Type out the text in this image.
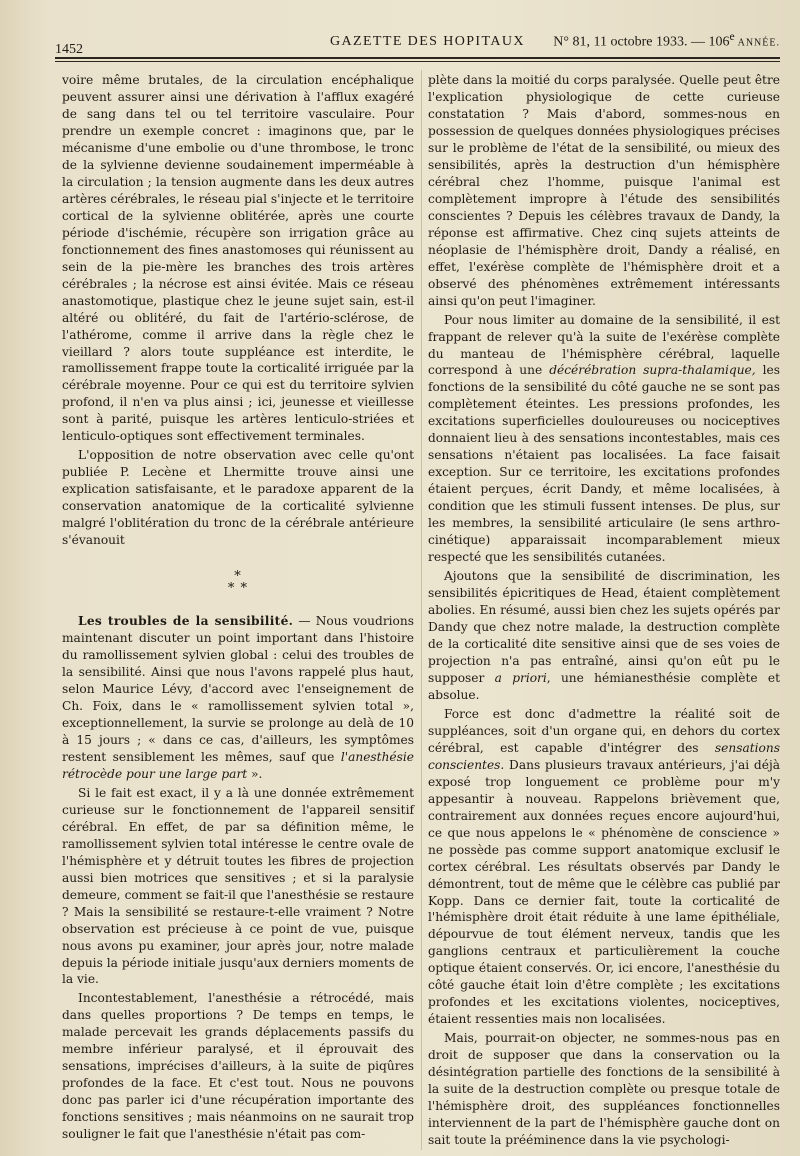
1452
GAZETTE DES HOPITAUX N° 81, 11 octobre 1933. — 106e ANNÉE.

voire même brutales, de la circulation encéphalique peuvent assurer ainsi une dérivation à l'afflux exagéré de sang dans tel ou tel territoire vasculaire. Pour prendre un exemple concret : imaginons que, par le mécanisme d'une embolie ou d'une thrombose, le tronc de la sylvienne devienne soudainement imperméable à la circulation ; la tension augmente dans les deux autres artères cérébrales, le réseau pial s'injecte et le territoire cortical de la sylvienne oblitérée, après une courte période d'ischémie, récupère son irrigation grâce au fonctionnement des fines anastomoses qui réunissent au sein de la pie-mère les branches des trois artères cérébrales ; la nécrose est ainsi évitée. Mais ce réseau anastomotique, plastique chez le jeune sujet sain, est-il altéré ou oblitéré, du fait de l'artério-sclérose, de l'athérome, comme il arrive dans la règle chez le vieillard ? alors toute suppléance est interdite, le ramollissement frappe toute la corticalité irriguée par la cérébrale moyenne. Pour ce qui est du territoire sylvien profond, il n'en va plus ainsi ; ici, jeunesse et vieillesse sont à parité, puisque les artères lenticulo-striées et lenticulo-optiques sont effectivement terminales.

L'opposition de notre observation avec celle qu'ont publiée P. Lecène et Lhermitte trouve ainsi une explication satisfaisante, et le paradoxe apparent de la conservation anatomique de la corticalité sylvienne malgré l'oblitération du tronc de la cérébrale antérieure s'évanouit

*
* *

Les troubles de la sensibilité. — Nous voudrions maintenant discuter un point important dans l'histoire du ramollissement sylvien global : celui des troubles de la sensibilité. Ainsi que nous l'avons rappelé plus haut, selon Maurice Lévy, d'accord avec l'enseignement de Ch. Foix, dans le « ramollissement sylvien total », exceptionnellement, la survie se prolonge au delà de 10 à 15 jours ; « dans ce cas, d'ailleurs, les symptômes restent sensiblement les mêmes, sauf que l'anesthésie rétrocède pour une large part ».

Si le fait est exact, il y a là une donnée extrêmement curieuse sur le fonctionnement de l'appareil sensitif cérébral. En effet, de par sa définition même, le ramollissement sylvien total intéresse le centre ovale de l'hémisphère et y détruit toutes les fibres de projection aussi bien motrices que sensitives ; et si la paralysie demeure, comment se fait-il que l'anesthésie se restaure ? Mais la sensibilité se restaure-t-elle vraiment ? Notre observation est précieuse à ce point de vue, puisque nous avons pu examiner, jour après jour, notre malade depuis la période initiale jusqu'aux derniers moments de la vie.

Incontestablement, l'anesthésie a rétrocédé, mais dans quelles proportions ? De temps en temps, le malade percevait les grands déplacements passifs du membre inférieur paralysé, et il éprouvait des sensations, imprécises d'ailleurs, à la suite de piqûres profondes de la face. Et c'est tout. Nous ne pouvons donc pas parler ici d'une récupération importante des fonctions sensitives ; mais néanmoins on ne saurait trop souligner le fait que l'anesthésie n'était pas com-

plète dans la moitié du corps paralysée. Quelle peut être l'explication physiologique de cette curieuse constatation ? Mais d'abord, sommes-nous en possession de quelques données physiologiques précises sur le problème de l'état de la sensibilité, ou mieux des sensibilités, après la destruction d'un hémisphère cérébral chez l'homme, puisque l'animal est complètement impropre à l'étude des sensibilités conscientes ? Depuis les célèbres travaux de Dandy, la réponse est affirmative. Chez cinq sujets atteints de néoplasie de l'hémisphère droit, Dandy a réalisé, en effet, l'exérèse complète de l'hémisphère droit et a observé des phénomènes extrêmement intéressants ainsi qu'on peut l'imaginer.

Pour nous limiter au domaine de la sensibilité, il est frappant de relever qu'à la suite de l'exérèse complète du manteau de l'hémisphère cérébral, laquelle correspond à une décérébration supra-thalamique, les fonctions de la sensibilité du côté gauche ne se sont pas complètement éteintes. Les pressions profondes, les excitations superficielles douloureuses ou nociceptives donnaient lieu à des sensations incontestables, mais ces sensations n'étaient pas localisées. La face faisait exception. Sur ce territoire, les excitations profondes étaient perçues, écrit Dandy, et même localisées, à condition que les stimuli fussent intenses. De plus, sur les membres, la sensibilité articulaire (le sens arthro-cinétique) apparaissait incomparablement mieux respecté que les sensibilités cutanées.

Ajoutons que la sensibilité de discrimination, les sensibilités épicritiques de Head, étaient complètement abolies. En résumé, aussi bien chez les sujets opérés par Dandy que chez notre malade, la destruction complète de la corticalité dite sensitive ainsi que de ses voies de projection n'a pas entraîné, ainsi qu'on eût pu le supposer a priori, une hémianesthésie complète et absolue.

Force est donc d'admettre la réalité soit de suppléances, soit d'un organe qui, en dehors du cortex cérébral, est capable d'intégrer des sensations conscientes. Dans plusieurs travaux antérieurs, j'ai déjà exposé trop longuement ce problème pour m'y appesantir à nouveau. Rappelons brièvement que, contrairement aux données reçues encore aujourd'hui, ce que nous appelons le « phénomène de conscience » ne possède pas comme support anatomique exclusif le cortex cérébral. Les résultats observés par Dandy le démontrent, tout de même que le célèbre cas publié par Kopp. Dans ce dernier fait, toute la corticalité de l'hémisphère droit était réduite à une lame épithéliale, dépourvue de tout élément nerveux, tandis que les ganglions centraux et particulièrement la couche optique étaient conservés. Or, ici encore, l'anesthésie du côté gauche était loin d'être complète ; les excitations profondes et les excitations violentes, nociceptives, étaient ressenties mais non localisées.

Mais, pourrait-on objecter, ne sommes-nous pas en droit de supposer que dans la conservation ou la désintégration partielle des fonctions de la sensibilité à la suite de la destruction complète ou presque totale de l'hémisphère droit, des suppléances fonctionnelles interviennent de la part de l'hémisphère gauche dont on sait toute la prééminence dans la vie psychologi-
